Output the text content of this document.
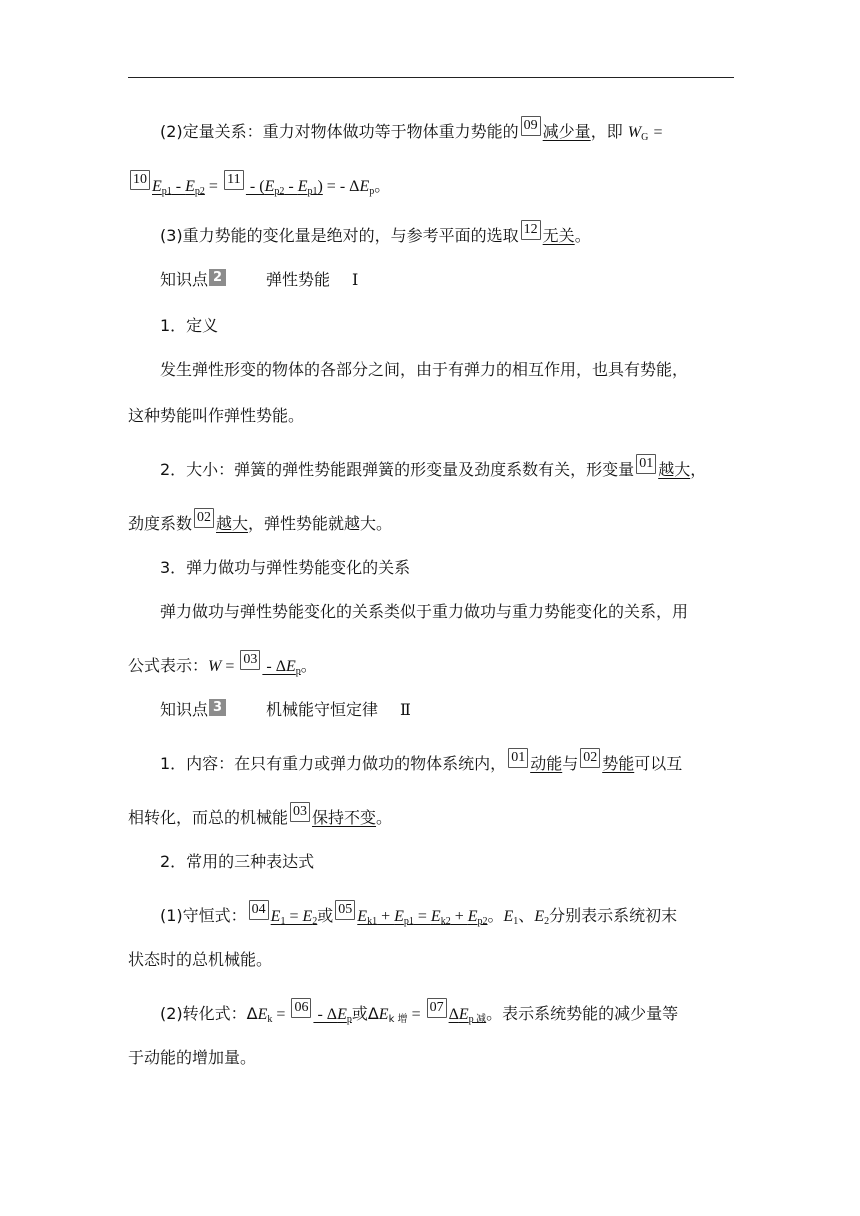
(2)定量关系：重力对物体做功等于物体重力势能的 09 减少量，即 $W_G$ =
10 $E_{p1} - E_{p2} = 11 - (E_{p2} - E_{p1})$ = - $\Delta E_p$。
(3)重力势能的变化量是绝对的，与参考平面的选取 12 无关。
知识点 2	弹性势能 Ⅰ
1．定义
发生弹性形变的物体的各部分之间，由于有弹力的相互作用，也具有势能，
这种势能叫作弹性势能。
2．大小：弹簧的弹性势能跟弹簧的形变量及劲度系数有关，形变量 01 越大，
劲度系数 02 越大，弹性势能就越大。
3．弹力做功与弹性势能变化的关系
弹力做功与弹性势能变化的关系类似于重力做功与重力势能变化的关系，用
公式表示：$W = 03 - \Delta E_p$。
知识点 3	机械能守恒定律 Ⅱ
1．内容：在只有重力或弹力做功的物体系统内， 01 动能与 02 势能可以互
相转化，而总的机械能 03 保持不变。
2．常用的三种表达式
(1)守恒式： 04 $E_1 = E_2$或 05 $E_{k1} + E_{p1} = E_{k2} + E_{p2}$。$E_1$、$E_2$分别表示系统初末
状态时的总机械能。
(2)转化式：$\Delta E_k = 06 - \Delta E_p$或$\Delta E_{k 增} = 07$ $\Delta E_{p 减}$。表示系统势能的减少量等
于动能的增加量。
